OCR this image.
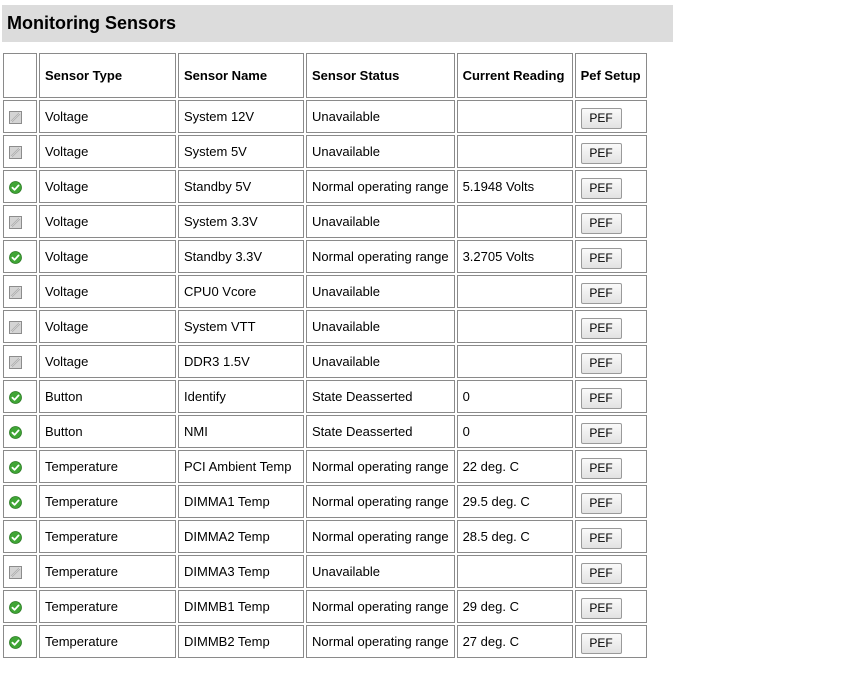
Monitoring Sensors
	Sensor Type	Sensor Name	Sensor Status	Current Reading	Pef Setup

	Voltage	System 12V	Unavailable		PEF

	Voltage	System 5V	Unavailable		PEF

	Voltage	Standby 5V	Normal operating range	5.1948 Volts	PEF

	Voltage	System 3.3V	Unavailable		PEF

	Voltage	Standby 3.3V	Normal operating range	3.2705 Volts	PEF

	Voltage	CPU0 Vcore	Unavailable		PEF

	Voltage	System VTT	Unavailable		PEF

	Voltage	DDR3 1.5V	Unavailable		PEF

	Button	Identify	State Deasserted	0	PEF

	Button	NMI	State Deasserted	0	PEF

	Temperature	PCI Ambient Temp	Normal operating range	22 deg. C	PEF

	Temperature	DIMMA1 Temp	Normal operating range	29.5 deg. C	PEF

	Temperature	DIMMA2 Temp	Normal operating range	28.5 deg. C	PEF

	Temperature	DIMMA3 Temp	Unavailable		PEF

	Temperature	DIMMB1 Temp	Normal operating range	29 deg. C	PEF

	Temperature	DIMMB2 Temp	Normal operating range	27 deg. C	PEF
